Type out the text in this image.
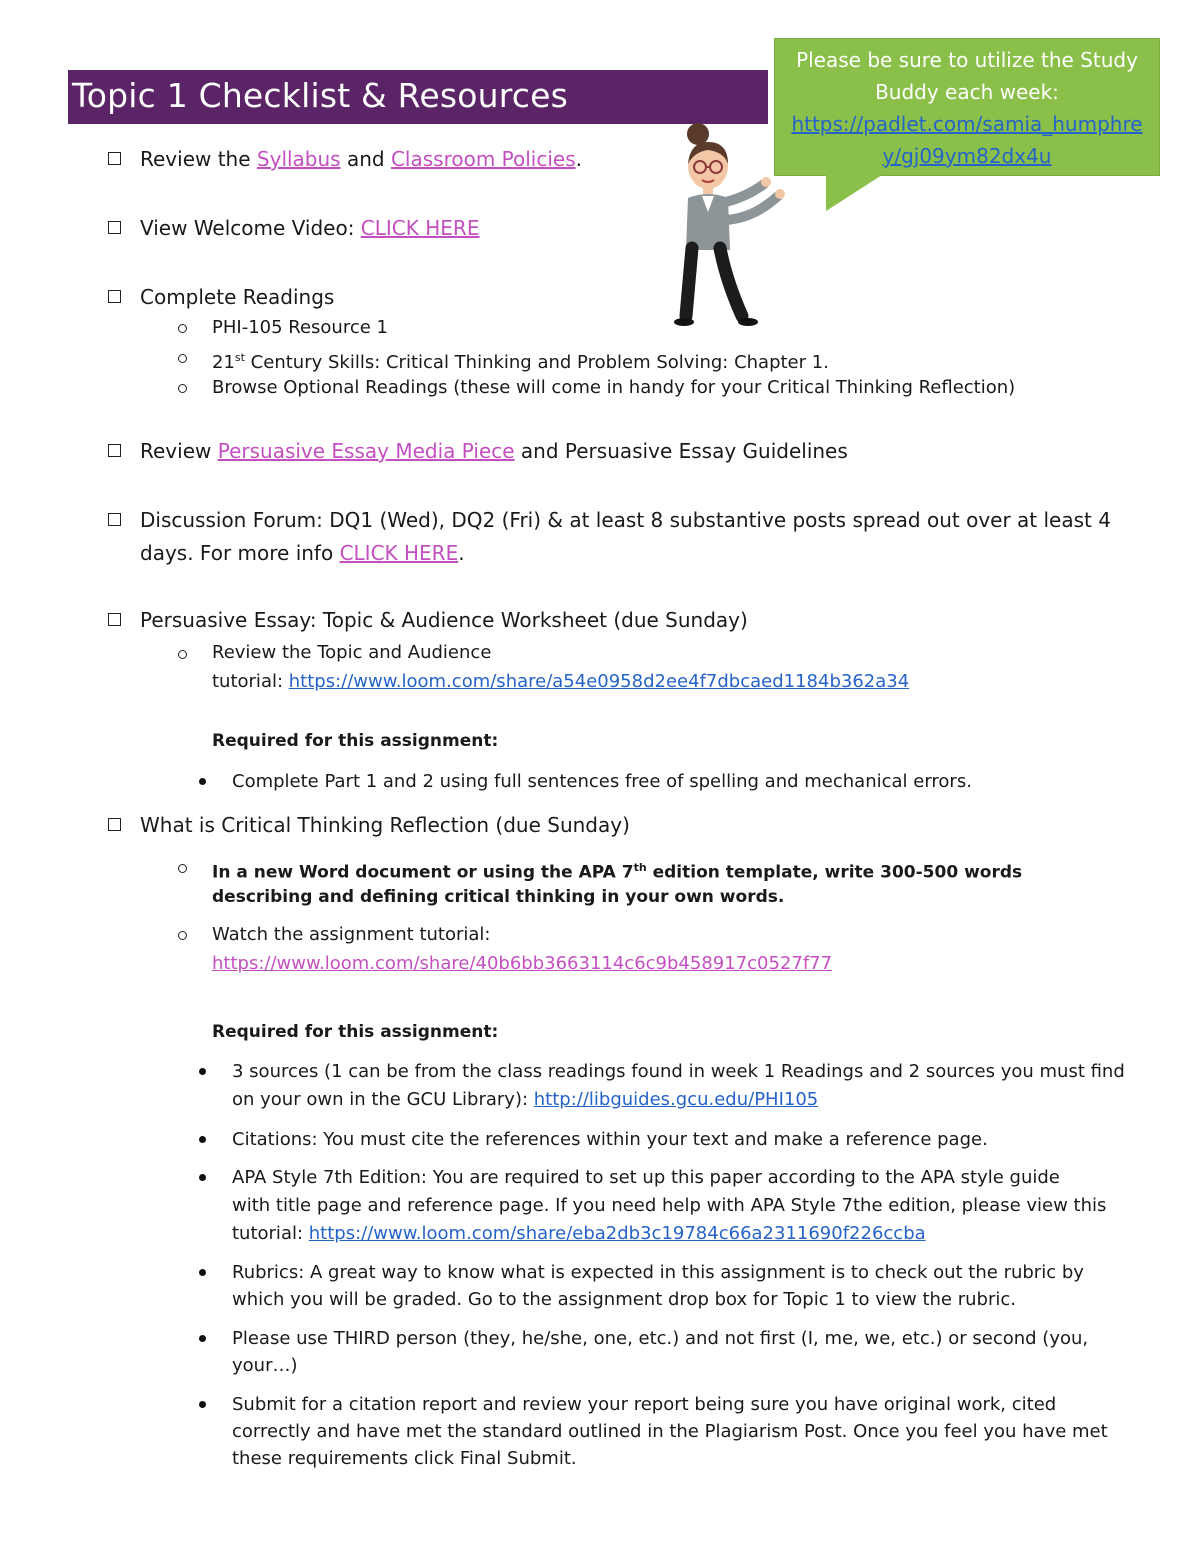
Topic 1 Checklist & Resources
Please be sure to utilize the Study Buddy each week:
https://padlet.com/samia_humphrey/gj09ym82dx4u
Review the Syllabus and Classroom Policies.
View Welcome Video: CLICK HERE
Complete Readings
PHI-105 Resource 1
21st Century Skills: Critical Thinking and Problem Solving: Chapter 1.
Browse Optional Readings (these will come in handy for your Critical Thinking Reflection)
Review Persuasive Essay Media Piece and Persuasive Essay Guidelines
Discussion Forum: DQ1 (Wed), DQ2 (Fri) & at least 8 substantive posts spread out over at least 4
days. For more info CLICK HERE.
Persuasive Essay: Topic & Audience Worksheet (due Sunday)
Review the Topic and Audience
tutorial: https://www.loom.com/share/a54e0958d2ee4f7dbcaed1184b362a34
Required for this assignment:
Complete Part 1 and 2 using full sentences free of spelling and mechanical errors.
What is Critical Thinking Reflection (due Sunday)
In a new Word document or using the APA 7th edition template, write 300-500 words
describing and defining critical thinking in your own words.
Watch the assignment tutorial:
https://www.loom.com/share/40b6bb3663114c6c9b458917c0527f77
Required for this assignment:
3 sources (1 can be from the class readings found in week 1 Readings and 2 sources you must find
on your own in the GCU Library): http://libguides.gcu.edu/PHI105
Citations: You must cite the references within your text and make a reference page.
APA Style 7th Edition: You are required to set up this paper according to the APA style guide
with title page and reference page. If you need help with APA Style 7the edition, please view this
tutorial: https://www.loom.com/share/eba2db3c19784c66a2311690f226ccba
Rubrics: A great way to know what is expected in this assignment is to check out the rubric by
which you will be graded. Go to the assignment drop box for Topic 1 to view the rubric.
Please use THIRD person (they, he/she, one, etc.) and not first (I, me, we, etc.) or second (you,
your…)
Submit for a citation report and review your report being sure you have original work, cited
correctly and have met the standard outlined in the Plagiarism Post. Once you feel you have met
these requirements click Final Submit.
